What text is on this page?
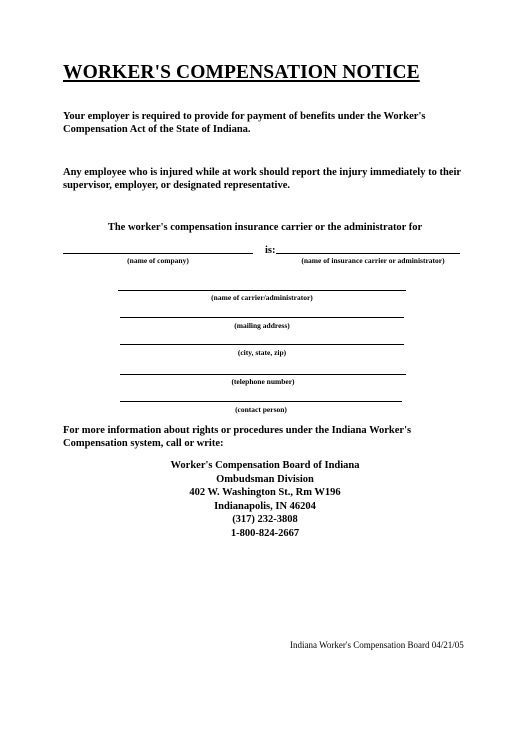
WORKER'S COMPENSATION NOTICE

Your employer is required to provide for payment of benefits under the Worker's Compensation Act of the State of Indiana.

Any employee who is injured while at work should report the injury immediately to their supervisor, employer, or designated representative.

The worker's compensation insurance carrier or the administrator for

is:
(name of company)	(name of insurance carrier or administrator)
(name of carrier/administrator)
(mailing address)
(city, state, zip)
(telephone number)
(contact person)

For more information about rights or procedures under the Indiana Worker's Compensation system, call or write:

Worker's Compensation Board of Indiana
Ombudsman Division
402 W. Washington St., Rm W196
Indianapolis, IN 46204
(317) 232-3808
1-800-824-2667
Indiana Worker's Compensation Board 04/21/05
